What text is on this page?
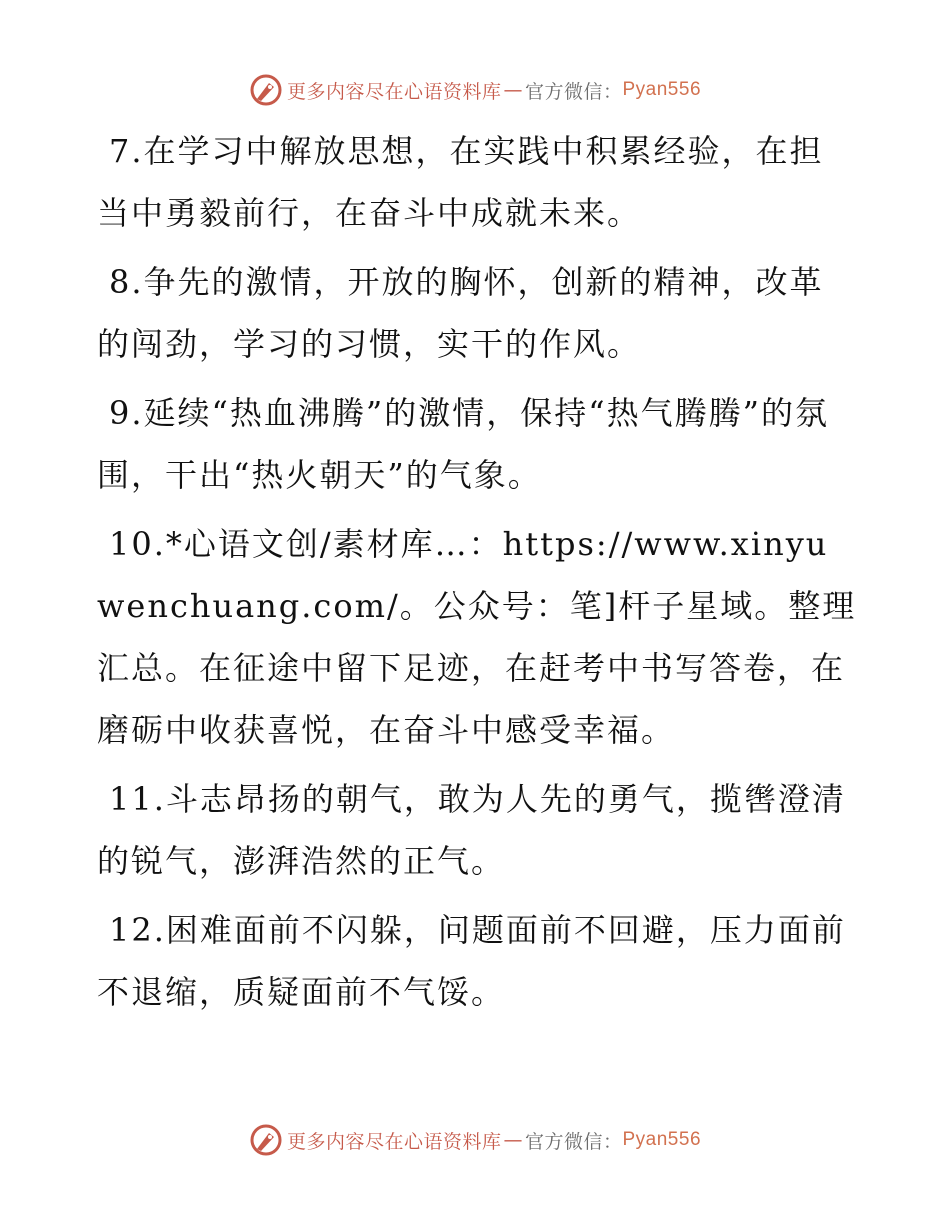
更多内容尽在心语资料库 — 官方微信： Pyan556

7.在学习中解放思想，在实践中积累经验，在担当中勇毅前行，在奋斗中成就未来。

8.争先的激情，开放的胸怀，创新的精神，改革的闯劲，学习的习惯，实干的作风。

9.延续“热血沸腾”的激情，保持“热气腾腾”的氛围，干出“热火朝天”的气象。

10.*心语文创/素材库…：https://www.xinyuwenchuang.com/。公众号：笔]杆子星域。整理汇总。在征途中留下足迹，在赶考中书写答卷，在磨砺中收获喜悦，在奋斗中感受幸福。

11.斗志昂扬的朝气，敢为人先的勇气，揽辔澄清的锐气，澎湃浩然的正气。

12.困难面前不闪躲，问题面前不回避，压力面前不退缩，质疑面前不气馁。

更多内容尽在心语资料库 — 官方微信： Pyan556
